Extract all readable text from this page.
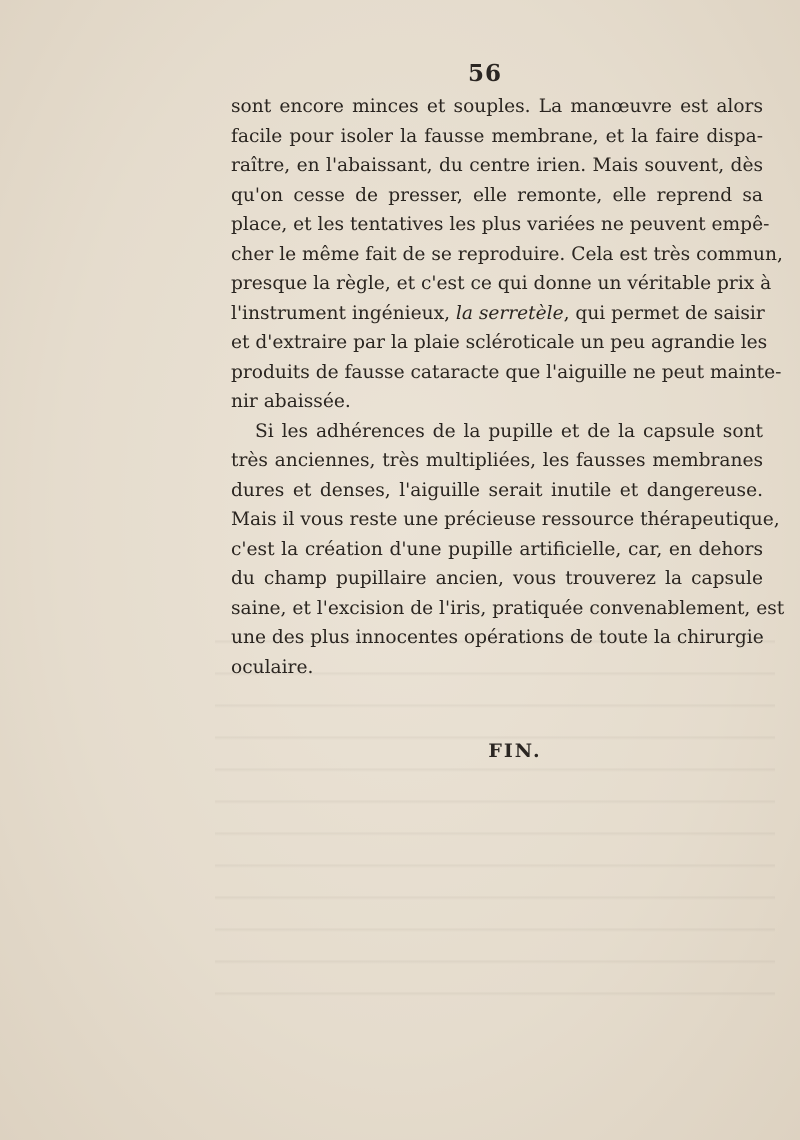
56
sont encore minces et souples. La manœuvre est alors
facile pour isoler la fausse membrane, et la faire dispa-
raître, en l'abaissant, du centre irien. Mais souvent, dès
qu'on cesse de presser, elle remonte, elle reprend sa
place, et les tentatives les plus variées ne peuvent empê-
cher le même fait de se reproduire. Cela est très commun,
presque la règle, et c'est ce qui donne un véritable prix à
l'instrument ingénieux, la serretèle, qui permet de saisir
et d'extraire par la plaie scléroticale un peu agrandie les
produits de fausse cataracte que l'aiguille ne peut mainte-
nir abaissée.
Si les adhérences de la pupille et de la capsule sont
très anciennes, très multipliées, les fausses membranes
dures et denses, l'aiguille serait inutile et dangereuse.
Mais il vous reste une précieuse ressource thérapeutique,
c'est la création d'une pupille artificielle, car, en dehors
du champ pupillaire ancien, vous trouverez la capsule
saine, et l'excision de l'iris, pratiquée convenablement, est
une des plus innocentes opérations de toute la chirurgie
oculaire.
FIN.
